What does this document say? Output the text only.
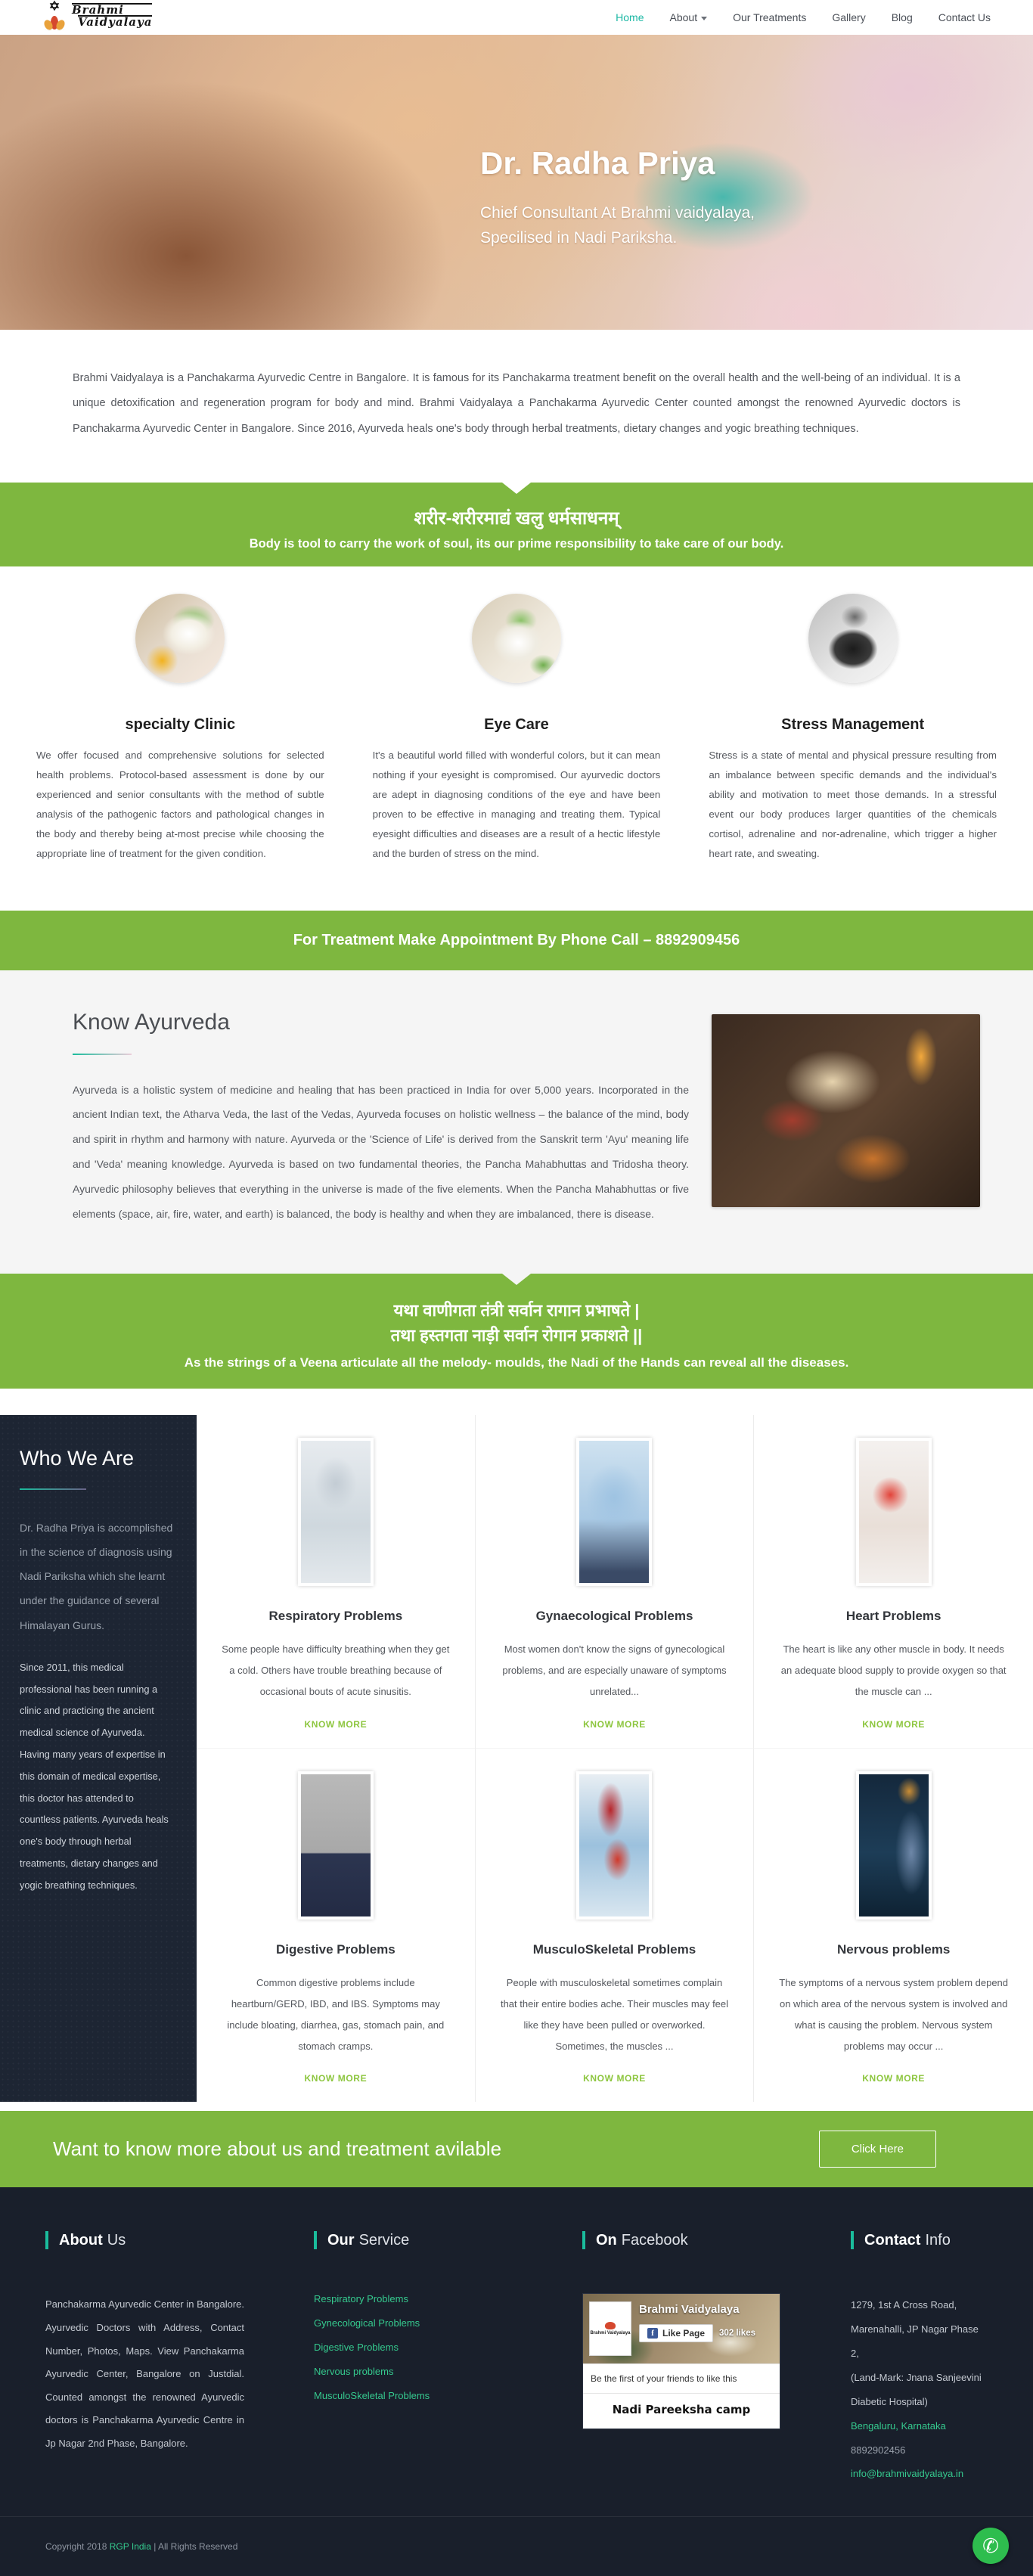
Brahmi
Vaidyalaya	Home About	Our Treatments Gallery Blog Contact Us
Dr. Radha Priya
Chief Consultant At Brahmi vaidyalaya,
Specilised in Nadi Pariksha.

Brahmi Vaidyalaya is a Panchakarma Ayurvedic Centre in Bangalore. It is famous for its Panchakarma treatment benefit on the overall health and the well-being of an individual. It is a unique detoxification and regeneration program for body and mind. Brahmi Vaidyalaya a Panchakarma Ayurvedic Center counted amongst the renowned Ayurvedic doctors is Panchakarma Ayurvedic Center in Bangalore. Since 2016, Ayurveda heals one's body through herbal treatments, dietary changes and yogic breathing techniques.

शरीर-शरीरमाद्यं खलु धर्मसाधनम्
Body is tool to carry the work of soul, its our prime responsibility to take care of our body.
specialty Clinic
We offer focused and comprehensive solutions for selected health problems. Protocol-based assessment is done by our experienced and senior consultants with the method of subtle analysis of the pathogenic factors and pathological changes in the body and thereby being at-most precise while choosing the appropriate line of treatment for the given condition.
Eye Care
It's a beautiful world filled with wonderful colors, but it can mean nothing if your eyesight is compromised. Our ayurvedic doctors are adept in diagnosing conditions of the eye and have been proven to be effective in managing and treating them. Typical eyesight difficulties and diseases are a result of a hectic lifestyle and the burden of stress on the mind.
Stress Management
Stress is a state of mental and physical pressure resulting from an imbalance between specific demands and the individual's ability and motivation to meet those demands. In a stressful event our body produces larger quantities of the chemicals cortisol, adrenaline and nor-adrenaline, which trigger a higher heart rate, and sweating.
For Treatment Make Appointment By Phone Call – 8892909456
Know Ayurveda
Ayurveda is a holistic system of medicine and healing that has been practiced in India for over 5,000 years. Incorporated in the ancient Indian text, the Atharva Veda, the last of the Vedas, Ayurveda focuses on holistic wellness – the balance of the mind, body and spirit in rhythm and harmony with nature. Ayurveda or the 'Science of Life' is derived from the Sanskrit term 'Ayu' meaning life and 'Veda' meaning knowledge. Ayurveda is based on two fundamental theories, the Pancha Mahabhuttas and Tridosha theory. Ayurvedic philosophy believes that everything in the universe is made of the five elements. When the Pancha Mahabhuttas or five elements (space, air, fire, water, and earth) is balanced, the body is healthy and when they are imbalanced, there is disease.
यथा वाणीगता तंत्री सर्वान रागान प्रभाषते |
तथा हस्तगता नाड़ी सर्वान रोगान प्रकाशते ||
As the strings of a Veena articulate all the melody- moulds, the Nadi of the Hands can reveal all the diseases.
Who We Are
Dr. Radha Priya is accomplished in the science of diagnosis using Nadi Pariksha which she learnt under the guidance of several Himalayan Gurus.
Since 2011, this medical professional has been running a clinic and practicing the ancient medical science of Ayurveda. Having many years of expertise in this domain of medical expertise, this doctor has attended to countless patients. Ayurveda heals one's body through herbal treatments, dietary changes and yogic breathing techniques.
Respiratory Problems
Some people have difficulty breathing when they get a cold. Others have trouble breathing because of occasional bouts of acute sinusitis.
KNOW MORE
Gynaecological Problems
Most women don't know the signs of gynecological problems, and are especially unaware of symptoms unrelated...
KNOW MORE
Heart Problems
The heart is like any other muscle in body. It needs an adequate blood supply to provide oxygen so that the muscle can ...
KNOW MORE
Digestive Problems
Common digestive problems include heartburn/GERD, IBD, and IBS. Symptoms may include bloating, diarrhea, gas, stomach pain, and stomach cramps.
KNOW MORE
MusculoSkeletal Problems
People with musculoskeletal sometimes complain that their entire bodies ache. Their muscles may feel like they have been pulled or overworked. Sometimes, the muscles ...
KNOW MORE
Nervous problems
The symptoms of a nervous system problem depend on which area of the nervous system is involved and what is causing the problem. Nervous system problems may occur ...
KNOW MORE
Want to know more about us and treatment avilable	Click Here
About Us
Panchakarma Ayurvedic Center in Bangalore. Ayurvedic Doctors with Address, Contact Number, Photos, Maps. View Panchakarma Ayurvedic Center, Bangalore on Justdial. Counted amongst the renowned Ayurvedic doctors is Panchakarma Ayurvedic Centre in Jp Nagar 2nd Phase, Bangalore.
Our Service
Respiratory Problems
Gynecological Problems
Digestive Problems
Nervous problems
MusculoSkeletal Problems
On Facebook
Brahmi Vaidyalaya
Brahmi Vaidyalaya
f Like Page 302 likes
Be the first of your friends to like this
Nadi Pareeksha camp
Contact Info
1279, 1st A Cross Road, Marenahalli, JP Nagar Phase 2,
(Land-Mark: Jnana Sanjeevini Diabetic Hospital)
Bengaluru, Karnataka
8892902456
info@brahmivaidyalaya.in
Copyright 2018 RGP India | All Rights Reserved	✆
